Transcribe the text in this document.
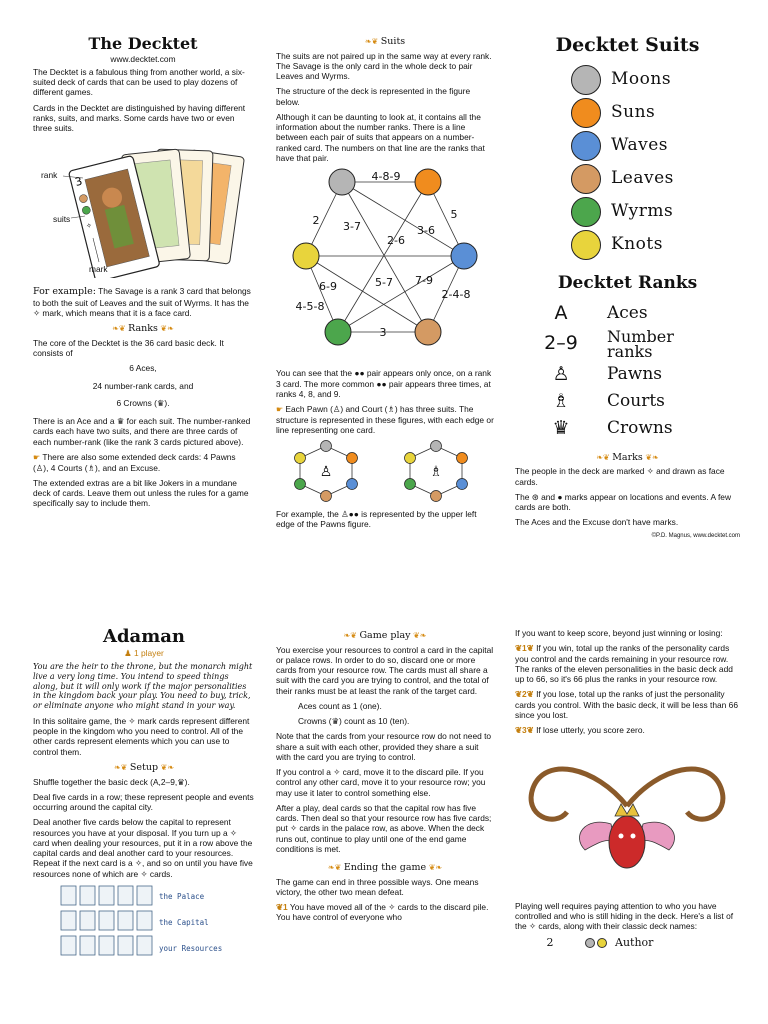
The Decktet
www.decktet.com

The Decktet is a fabulous thing from another world, a six-suited deck of cards that can be used to play dozens of different games.

Cards in the Decktet are distinguished by having different ranks, suits, and marks. Some cards have two or even three suits.

3
✧
rank
suits
mark

For example: The Savage is a rank 3 card that belongs to both the suit of Leaves and the suit of Wyrms. It has the ✧ mark, which means that it is a face card.

❧❦ Ranks ❦❧

The core of the Decktet is the 36 card basic deck. It consists of

6 Aces,

24 number-rank cards, and

6 Crowns (♛).

There is an Ace and a ♛ for each suit. The number-ranked cards each have two suits, and there are three cards of each number-rank (like the rank 3 cards pictured above).

☛ There are also some extended deck cards: 4 Pawns (♙), 4 Courts (♗), and an Excuse.

The extended extras are a bit like Jokers in a mundane deck of cards. Leave them out unless the rules for a game specifically say to include them.

❧❦ Suits

The suits are not paired up in the same way at every rank. The Savage is the only card in the whole deck to pair Leaves and Wyrms.

The structure of the deck is represented in the figure below.

Although it can be daunting to look at, it contains all the information about the number ranks. There is a line between each pair of suits that appears on a number-ranked card. The numbers on that line are the ranks that have that pair.

4-8-9
2 3-7
2-6
3-6
5
6-9	5-7 7-9
4-5-8
2-4-8
3

You can see that the ●● pair appears only once, on a rank 3 card. The more common ●● pair appears three times, at ranks 4, 8, and 9.

☛ Each Pawn (♙) and Court (♗) has three suits. The structure is represented in these figures, with each edge or line representing one card.

♙	♗

For example, the ♙●● is represented by the upper left edge of the Pawns figure.

Decktet Suits
Moons
Suns
Waves
Leaves
Wyrms
Knots
Decktet Ranks
A	Aces
2–9	Number ranks
♙	Pawns
♗	Courts
♛	Crowns
❧❦ Marks ❦❧

The people in the deck are marked ✧ and drawn as face cards.

The ⊛ and ● marks appear on locations and events. A few cards are both.

The Aces and the Excuse don't have marks.

©P.D. Magnus, www.decktet.com
Adaman
♟ 1 player

You are the heir to the throne, but the monarch might live a very long time. You intend to speed things along, but it will only work if the major personalities in the kingdom back your play. You need to buy, trick, or eliminate anyone who might stand in your way.

In this solitaire game, the ✧ mark cards represent different people in the kingdom who you need to control. All of the other cards represent elements which you can use to control them.

❧❦ Setup ❦❧

Shuffle together the basic deck (A,2–9,♛).

Deal five cards in a row; these represent people and events occurring around the capital city.

Deal another five cards below the capital to represent resources you have at your disposal. If you turn up a ✧ card when dealing your resources, put it in a row above the capital cards and deal another card to your resources. Repeat if the next card is a ✧, and so on until you have five resources none of which are ✧ cards.

the Palace
the Capital
your Resources
❧❦ Game play ❦❧

You exercise your resources to control a card in the capital or palace rows. In order to do so, discard one or more cards from your resource row. The cards must all share a suit with the card you are trying to control, and the total of their ranks must be at least the rank of the target card.

Aces count as 1 (one).

Crowns (♛) count as 10 (ten).

Note that the cards from your resource row do not need to share a suit with each other, provided they share a suit with the card you are trying to control.

If you control a ✧ card, move it to the discard pile. If you control any other card, move it to your resource row; you may use it later to control something else.

After a play, deal cards so that the capital row has five cards. Then deal so that your resource row has five cards; put ✧ cards in the palace row, as above. When the deck runs out, continue to play until one of the end game conditions is met.

❧❦ Ending the game ❦❧

The game can end in three possible ways. One means victory, the other two mean defeat.

❦1 You have moved all of the ✧ cards to the discard pile. You have control of everyone who

If you want to keep score, beyond just winning or losing:

❦1❦ If you win, total up the ranks of the personality cards you control and the cards remaining in your resource row. The ranks of the eleven personalities in the basic deck add up to 66, so it's 66 plus the ranks in your resource row.

❦2❦ If you lose, total up the ranks of just the personality cards you control. With the basic deck, it will be less than 66 since you lost.

❦3❦ If lose utterly, you score zero.

Playing well requires paying attention to who you have controlled and who is still hiding in the deck. Here's a list of the ✧ cards, along with their classic deck names:

2	Author
